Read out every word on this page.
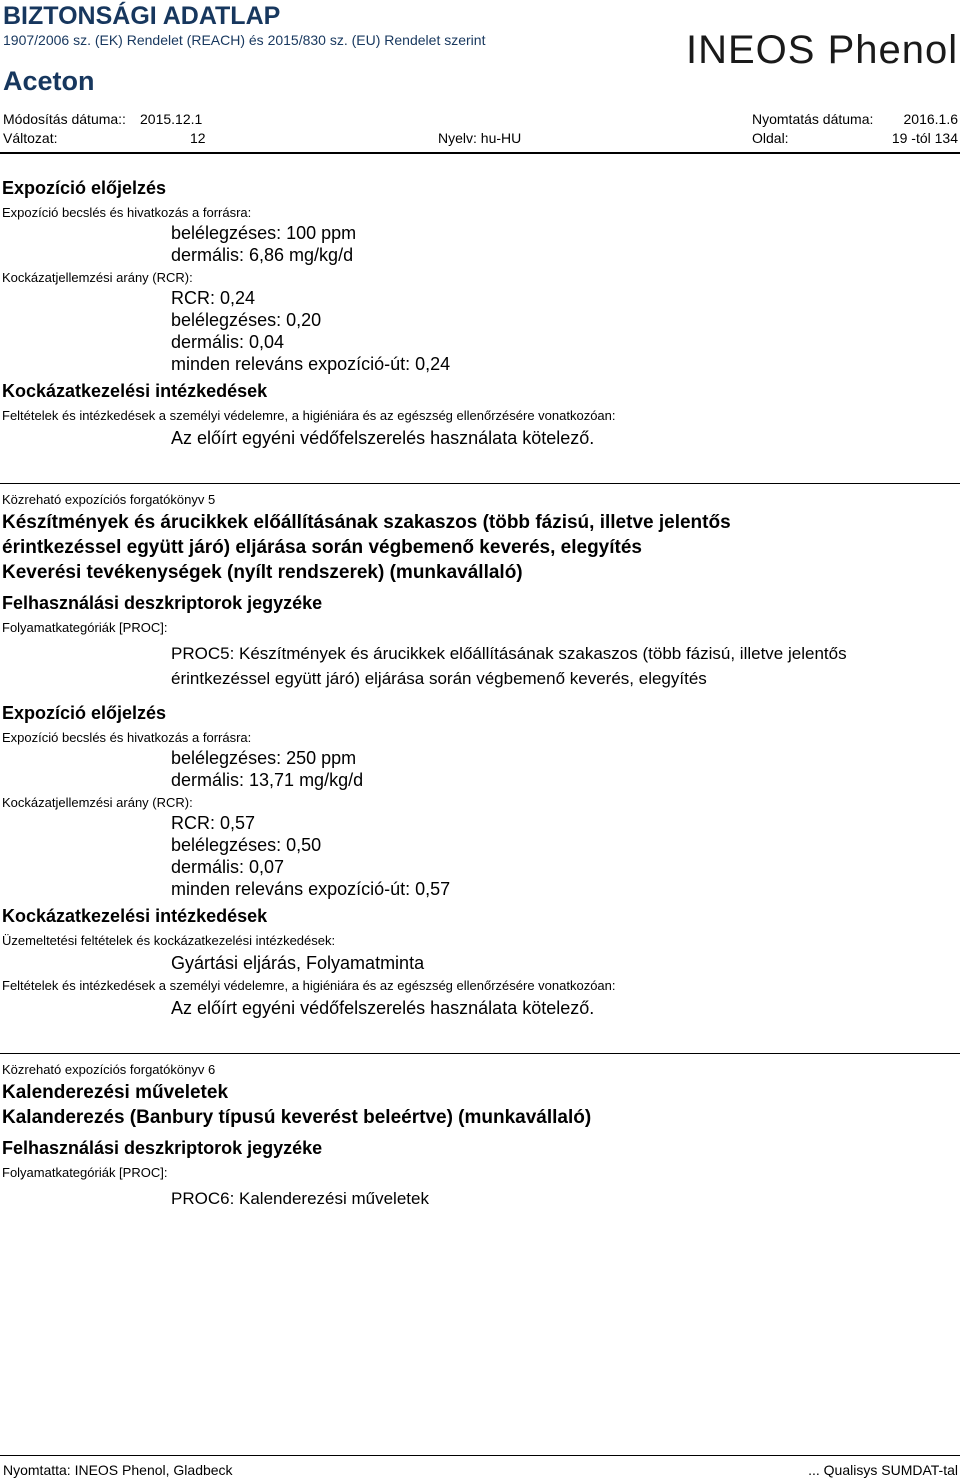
BIZTONSÁGI ADATLAP
1907/2006 sz. (EK) Rendelet (REACH) és 2015/830 sz. (EU) Rendelet szerint
Aceton
INEOS Phenol
Módosítás dátuma:: 2015.12.1	Nyomtatás dátuma: 2016.1.6
Változat:	12	Nyelv: hu-HU	Oldal:	19 -tól 134
Expozíció előjelzés
Expozíció becslés és hivatkozás a forrásra:
belélegzéses: 100 ppm
dermális: 6,86 mg/kg/d
Kockázatjellemzési arány (RCR):
RCR: 0,24
belélegzéses: 0,20
dermális: 0,04
minden releváns expozíció-út: 0,24
Kockázatkezelési intézkedések
Feltételek és intézkedések a személyi védelemre, a higiéniára és az egészség ellenőrzésére vonatkozóan:
Az előírt egyéni védőfelszerelés használata kötelező.
Közreható expozíciós forgatókönyv 5
Készítmények és árucikkek előállításának szakaszos (több fázisú, illetve jelentős
érintkezéssel együtt járó) eljárása során végbemenő keverés, elegyítés
Keverési tevékenységek (nyílt rendszerek) (munkavállaló)
Felhasználási deszkriptorok jegyzéke
Folyamatkategóriák [PROC]:
PROC5: Készítmények és árucikkek előállításának szakaszos (több fázisú, illetve jelentős
érintkezéssel együtt járó) eljárása során végbemenő keverés, elegyítés
Expozíció előjelzés
Expozíció becslés és hivatkozás a forrásra:
belélegzéses: 250 ppm
dermális: 13,71 mg/kg/d
Kockázatjellemzési arány (RCR):
RCR: 0,57
belélegzéses: 0,50
dermális: 0,07
minden releváns expozíció-út: 0,57
Kockázatkezelési intézkedések
Üzemeltetési feltételek és kockázatkezelési intézkedések:
Gyártási eljárás, Folyamatminta
Feltételek és intézkedések a személyi védelemre, a higiéniára és az egészség ellenőrzésére vonatkozóan:
Az előírt egyéni védőfelszerelés használata kötelező.
Közreható expozíciós forgatókönyv 6
Kalenderezési műveletek
Kalanderezés (Banbury típusú keverést beleértve) (munkavállaló)
Felhasználási deszkriptorok jegyzéke
Folyamatkategóriák [PROC]:
PROC6: Kalenderezési műveletek
Nyomtatta: INEOS Phenol, Gladbeck	... Qualisys SUMDAT-tal
